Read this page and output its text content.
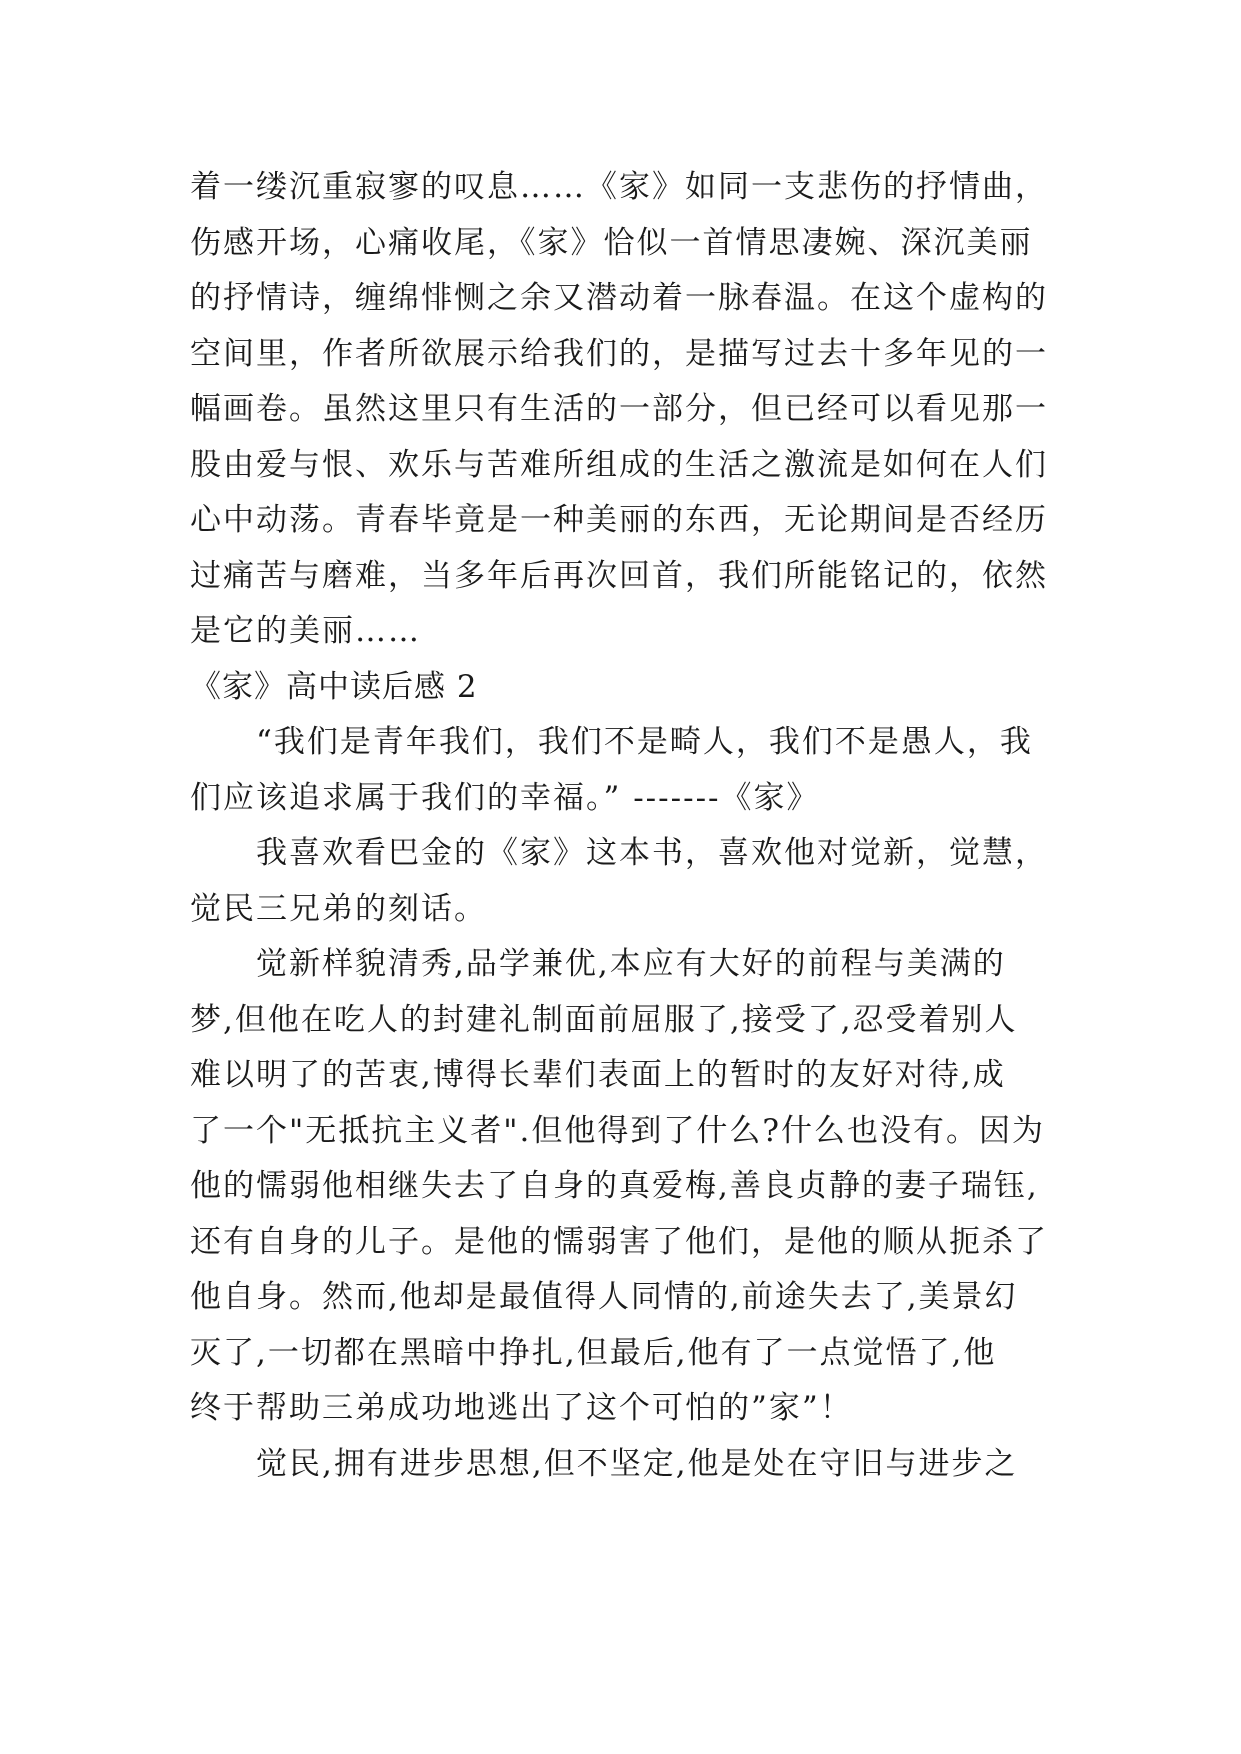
着一缕沉重寂寥的叹息……《家》如同一支悲伤的抒情曲，
伤感开场，心痛收尾，《家》恰似一首情思凄婉、深沉美丽
的抒情诗，缠绵悱恻之余又潜动着一脉春温。在这个虚构的
空间里，作者所欲展示给我们的，是描写过去十多年见的一
幅画卷。虽然这里只有生活的一部分，但已经可以看见那一
股由爱与恨、欢乐与苦难所组成的生活之激流是如何在人们
心中动荡。青春毕竟是一种美丽的东西，无论期间是否经历
过痛苦与磨难，当多年后再次回首，我们所能铭记的，依然
是它的美丽……
《家》高中读后感 2
“我们是青年我们，我们不是畸人，我们不是愚人，我
们应该追求属于我们的幸福。” -------《家》
我喜欢看巴金的《家》这本书，喜欢他对觉新，觉慧，
觉民三兄弟的刻话。
觉新样貌清秀,品学兼优,本应有大好的前程与美满的
梦,但他在吃人的封建礼制面前屈服了,接受了,忍受着别人
难以明了的苦衷,博得长辈们表面上的暂时的友好对待,成
了一个"无抵抗主义者".但他得到了什么?什么也没有。因为
他的懦弱他相继失去了自身的真爱梅,善良贞静的妻子瑞钰,
还有自身的儿子。是他的懦弱害了他们，是他的顺从扼杀了
他自身。然而,他却是最值得人同情的,前途失去了,美景幻
灭了,一切都在黑暗中挣扎,但最后,他有了一点觉悟了,他
终于帮助三弟成功地逃出了这个可怕的”家”！
觉民,拥有进步思想,但不坚定,他是处在守旧与进步之
